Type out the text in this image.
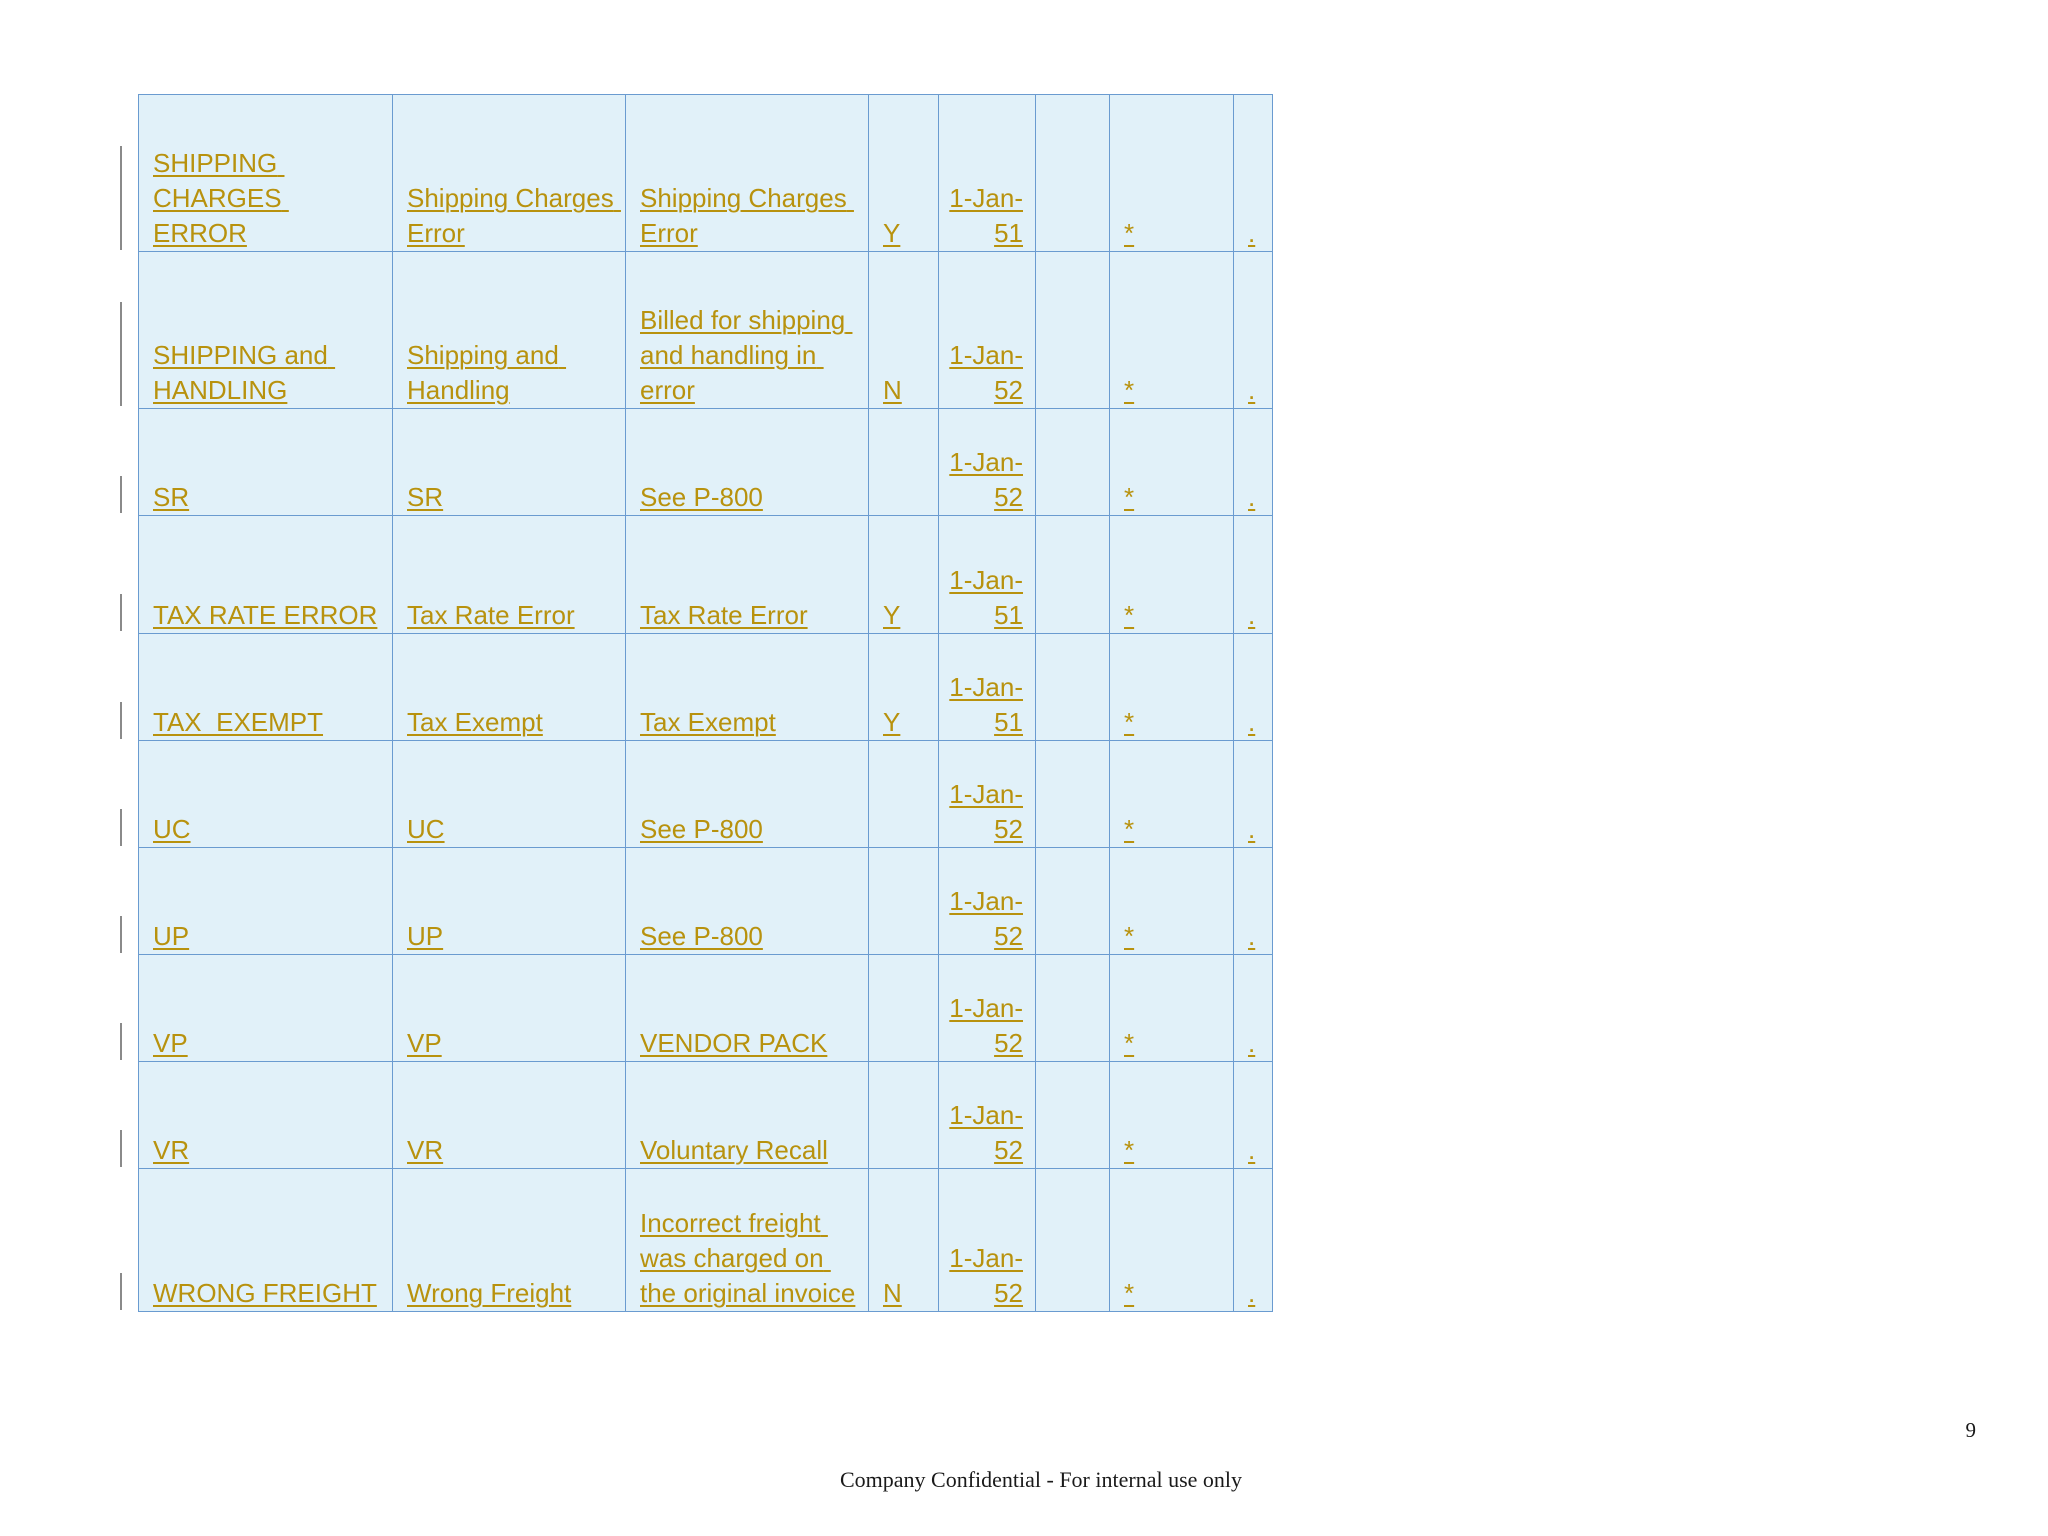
SHIPPING CHARGES ERROR	Shipping Charges Error	Shipping Charges Error	Y	1-Jan-51		*	.
SHIPPING and HANDLING	Shipping and Handling	Billed for shipping and handling in error	N	1-Jan-52		*	.
SR	SR	See P-800		1-Jan-52		*	.
TAX RATE ERROR	Tax Rate Error	Tax Rate Error	Y	1-Jan-51		*	.
TAX_EXEMPT	Tax Exempt	Tax Exempt	Y	1-Jan-51		*	.
UC	UC	See P-800		1-Jan-52		*	.
UP	UP	See P-800		1-Jan-52		*	.
VP	VP	VENDOR PACK		1-Jan-52		*	.
VR	VR	Voluntary Recall		1-Jan-52		*	.
WRONG FREIGHT	Wrong Freight	Incorrect freight was charged on the original invoice	N	1-Jan-52		*	.
9
Company Confidential - For internal use only
